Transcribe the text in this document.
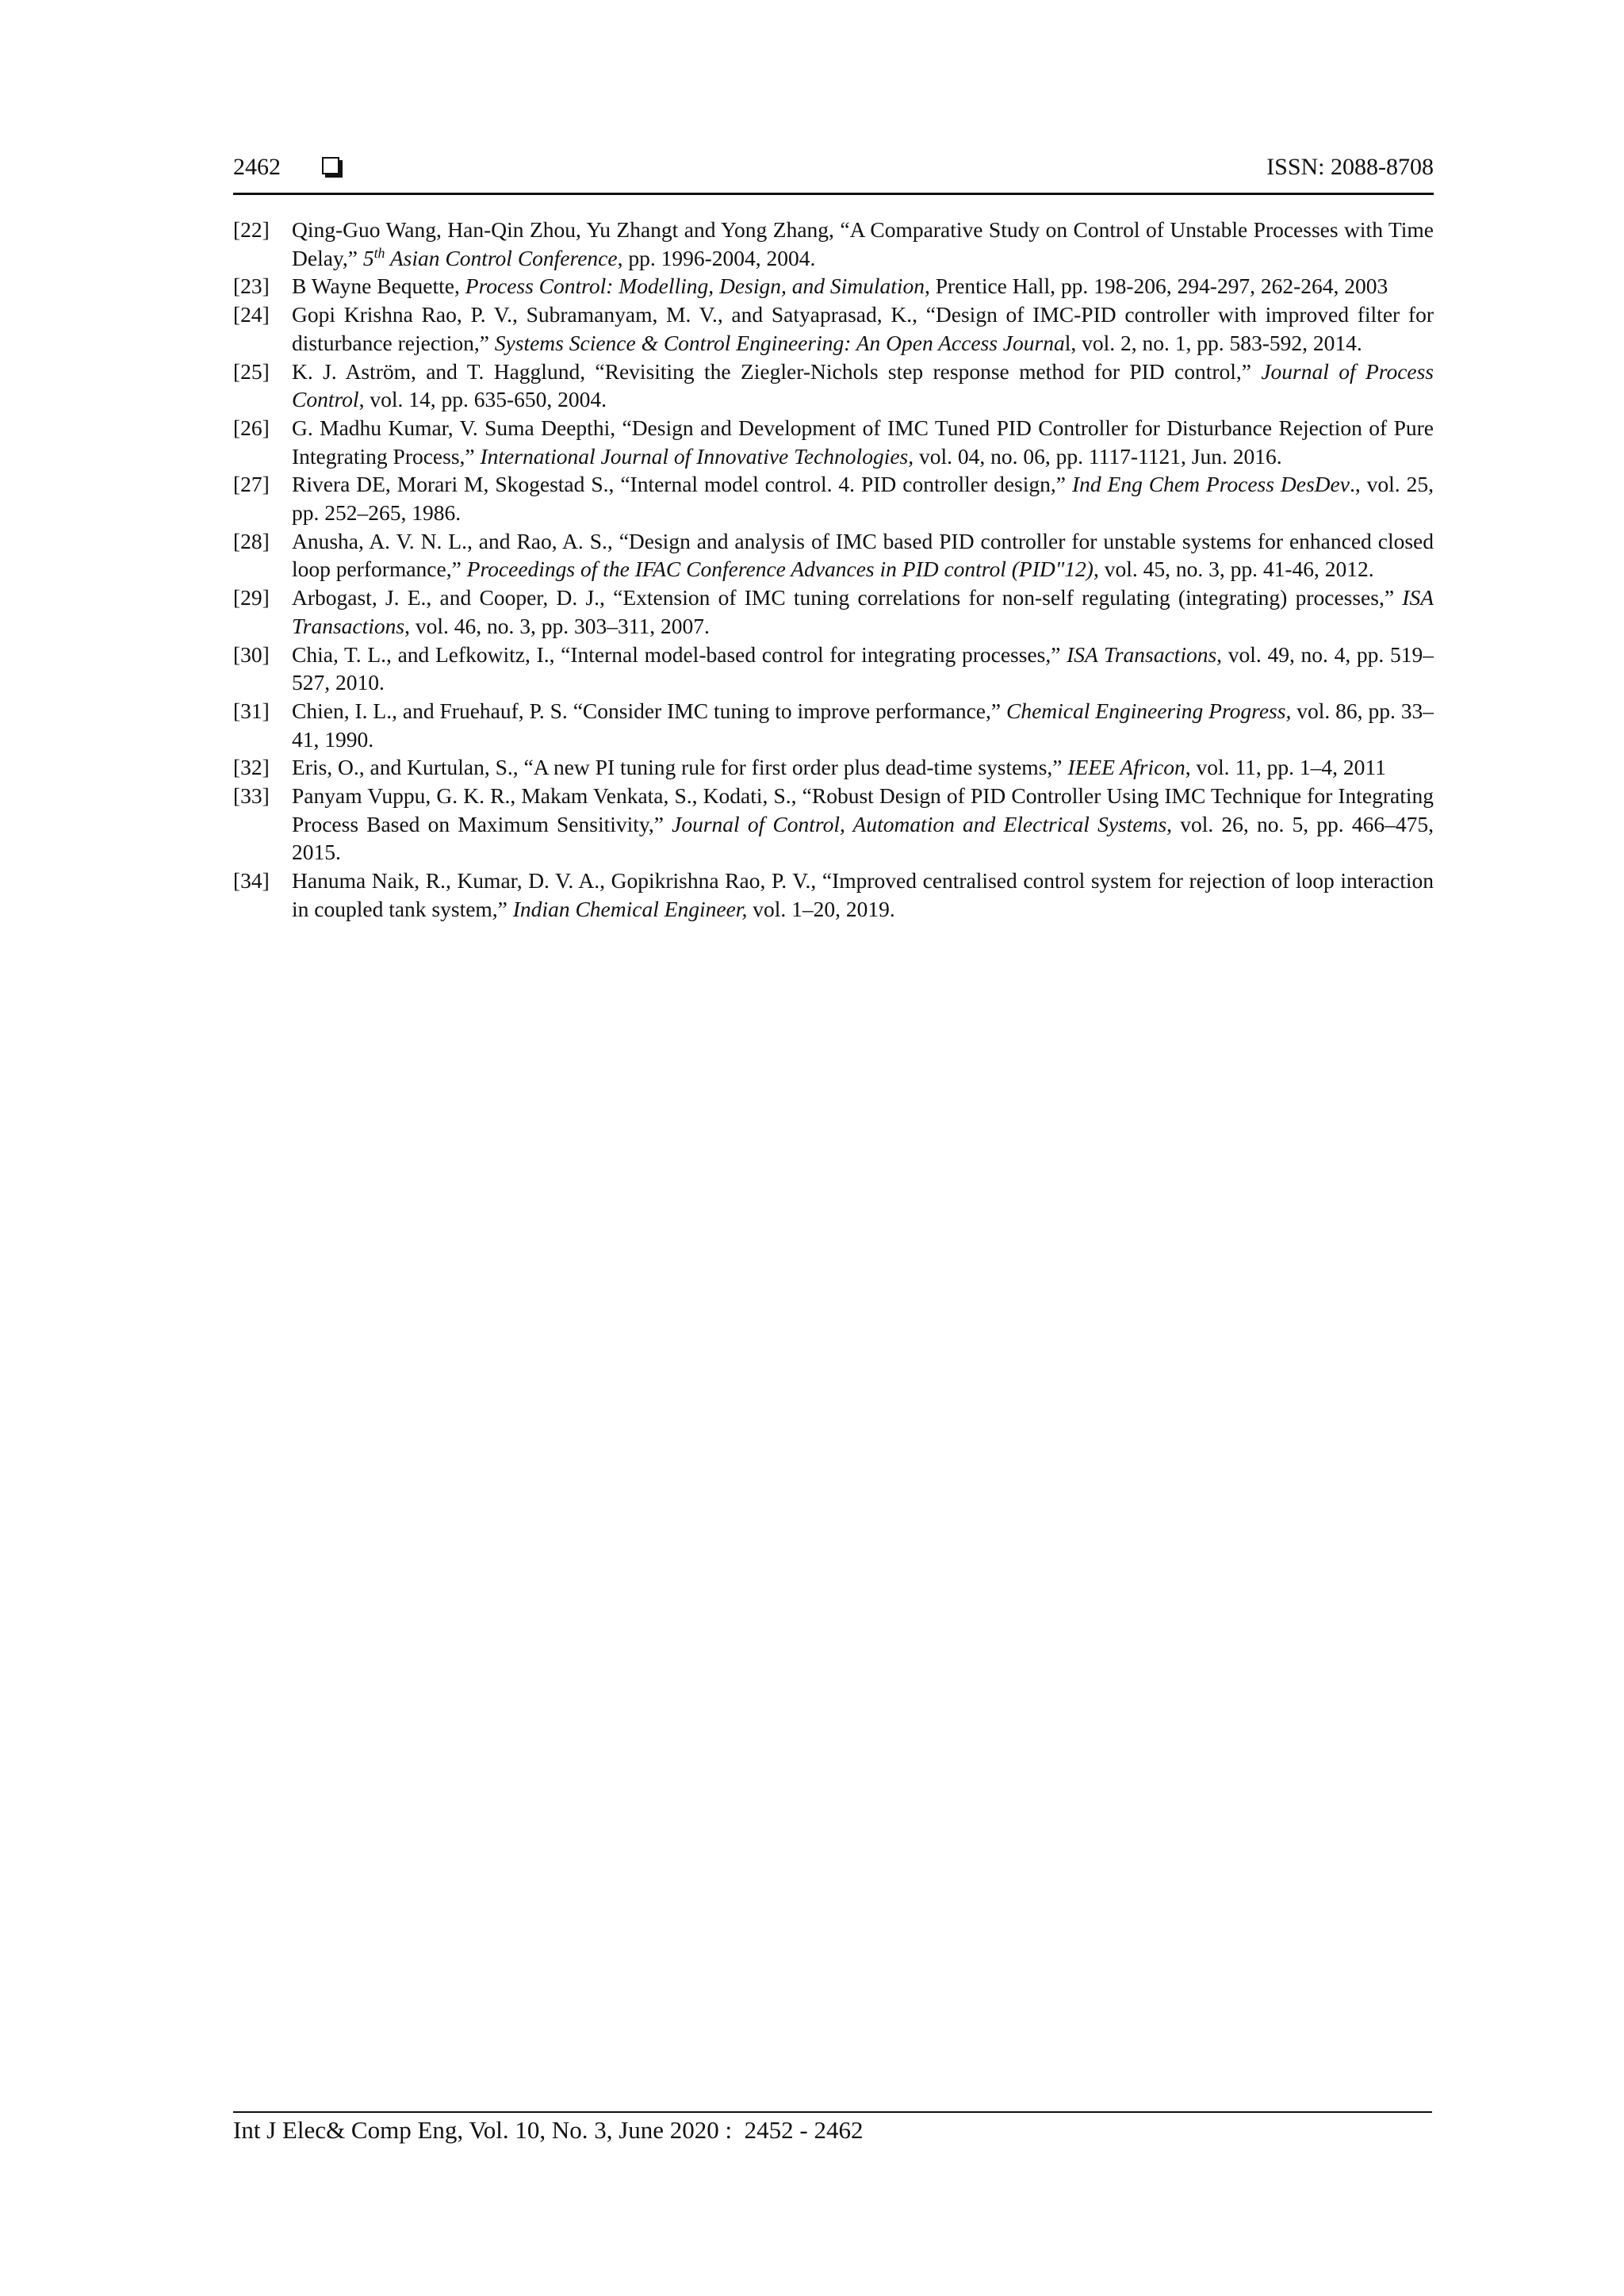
2462	ISSN: 2088-8708
[22]	Qing-Guo Wang, Han-Qin Zhou, Yu Zhangt and Yong Zhang, “A Comparative Study on Control of Unstable Processes with Time Delay,” 5th Asian Control Conference, pp. 1996-2004, 2004.
[23]	B Wayne Bequette, Process Control: Modelling, Design, and Simulation, Prentice Hall, pp. 198-206, 294-297, 262-264, 2003
[24]	Gopi Krishna Rao, P. V., Subramanyam, M. V., and Satyaprasad, K., “Design of IMC-PID controller with improved filter for disturbance rejection,” Systems Science & Control Engineering: An Open Access Journal, vol. 2, no. 1, pp. 583-592, 2014.
[25]	K. J. Aström, and T. Hagglund, “Revisiting the Ziegler-Nichols step response method for PID control,” Journal of Process Control, vol. 14, pp. 635-650, 2004.
[26]	G. Madhu Kumar, V. Suma Deepthi, “Design and Development of IMC Tuned PID Controller for Disturbance Rejection of Pure Integrating Process,” International Journal of Innovative Technologies, vol. 04, no. 06, pp. 1117-1121, Jun. 2016.
[27]	Rivera DE, Morari M, Skogestad S., “Internal model control. 4. PID controller design,” Ind Eng Chem Process DesDev., vol. 25, pp. 252–265, 1986.
[28]	Anusha, A. V. N. L., and Rao, A. S., “Design and analysis of IMC based PID controller for unstable systems for enhanced closed loop performance,” Proceedings of the IFAC Conference Advances in PID control (PID"12), vol. 45, no. 3, pp. 41-46, 2012.
[29]	Arbogast, J. E., and Cooper, D. J., “Extension of IMC tuning correlations for non-self regulating (integrating) processes,” ISA Transactions, vol. 46, no. 3, pp. 303–311, 2007.
[30]	Chia, T. L., and Lefkowitz, I., “Internal model-based control for integrating processes,” ISA Transactions, vol. 49, no. 4, pp. 519–527, 2010.
[31]	Chien, I. L., and Fruehauf, P. S. “Consider IMC tuning to improve performance,” Chemical Engineering Progress, vol. 86, pp. 33–41, 1990.
[32]	Eris, O., and Kurtulan, S., “A new PI tuning rule for first order plus dead-time systems,” IEEE Africon, vol. 11, pp. 1–4, 2011
[33]	Panyam Vuppu, G. K. R., Makam Venkata, S., Kodati, S., “Robust Design of PID Controller Using IMC Technique for Integrating Process Based on Maximum Sensitivity,” Journal of Control, Automation and Electrical Systems, vol. 26, no. 5, pp. 466–475, 2015.
[34]	Hanuma Naik, R., Kumar, D. V. A., Gopikrishna Rao, P. V., “Improved centralised control system for rejection of loop interaction in coupled tank system,” Indian Chemical Engineer, vol. 1–20, 2019.
Int J Elec& Comp Eng, Vol. 10, No. 3, June 2020 :  2452 - 2462
